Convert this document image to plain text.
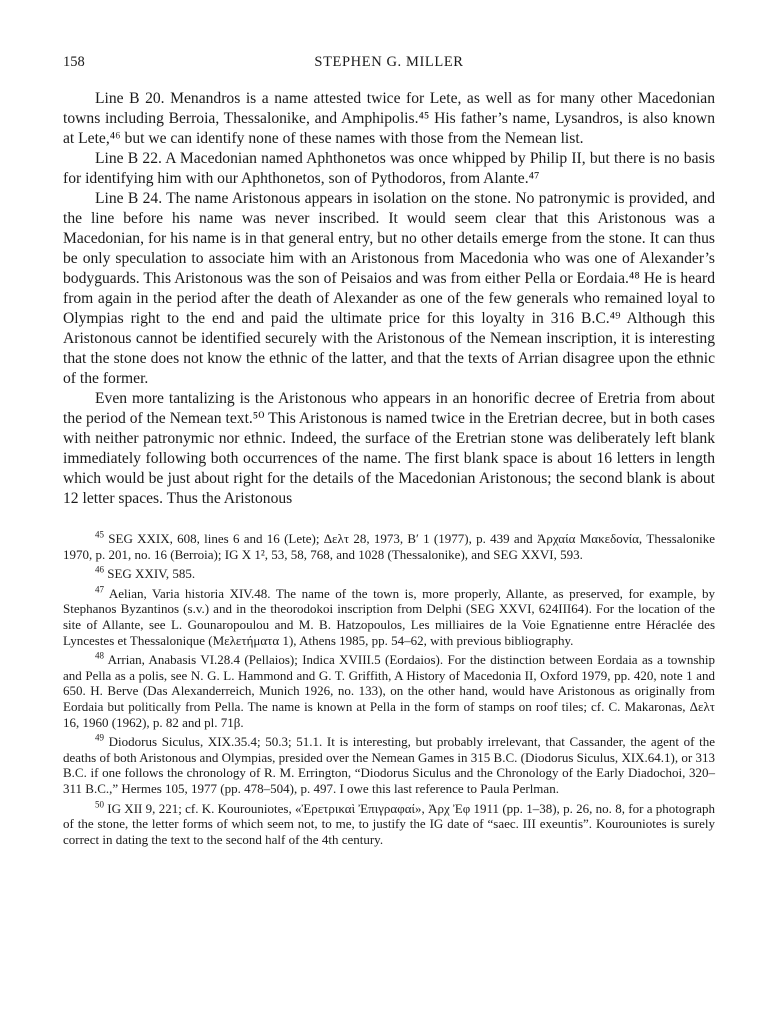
158	STEPHEN G. MILLER

Line B 20. Menandros is a name attested twice for Lete, as well as for many other Macedonian towns including Berroia, Thessalonike, and Amphipolis.⁴⁵ His father’s name, Lysandros, is also known at Lete,⁴⁶ but we can identify none of these names with those from the Nemean list.

Line B 22. A Macedonian named Aphthonetos was once whipped by Philip II, but there is no basis for identifying him with our Aphthonetos, son of Pythodoros, from Alante.⁴⁷

Line B 24. The name Aristonous appears in isolation on the stone. No patronymic is provided, and the line before his name was never inscribed. It would seem clear that this Aristonous was a Macedonian, for his name is in that general entry, but no other details emerge from the stone. It can thus be only speculation to associate him with an Aristonous from Macedonia who was one of Alexander’s bodyguards. This Aristonous was the son of Peisaios and was from either Pella or Eordaia.⁴⁸ He is heard from again in the period after the death of Alexander as one of the few generals who remained loyal to Olympias right to the end and paid the ultimate price for this loyalty in 316 B.C.⁴⁹ Although this Aristonous cannot be identified securely with the Aristonous of the Nemean inscription, it is interesting that the stone does not know the ethnic of the latter, and that the texts of Arrian disagree upon the ethnic of the former.

Even more tantalizing is the Aristonous who appears in an honorific decree of Eretria from about the period of the Nemean text.⁵⁰ This Aristonous is named twice in the Eretrian decree, but in both cases with neither patronymic nor ethnic. Indeed, the surface of the Eretrian stone was deliberately left blank immediately following both occurrences of the name. The first blank space is about 16 letters in length which would be just about right for the details of the Macedonian Aristonous; the second blank is about 12 letter spaces. Thus the Aristonous

$^{45}$ SEG XXIX, 608, lines 6 and 16 (Lete); Δελτ 28, 1973, B′ 1 (1977), p. 439 and Ἀρχαία Μακεδονία, Thessalonike 1970, p. 201, no. 16 (Berroia); IG X 1², 53, 58, 768, and 1028 (Thessalonike), and SEG XXVI, 593.

$^{46}$ SEG XXIV, 585.

$^{47}$ Aelian, Varia historia XIV.48. The name of the town is, more properly, Allante, as preserved, for example, by Stephanos Byzantinos (s.v.) and in the theorodokoi inscription from Delphi (SEG XXVI, 624III64). For the location of the site of Allante, see L. Gounaropoulou and M. B. Hatzopoulos, Les milliaires de la Voie Egnatienne entre Héraclée des Lyncestes et Thessalonique (Μελετήματα 1), Athens 1985, pp. 54–62, with previous bibliography.

$^{48}$ Arrian, Anabasis VI.28.4 (Pellaios); Indica XVIII.5 (Eordaios). For the distinction between Eordaia as a township and Pella as a polis, see N. G. L. Hammond and G. T. Griffith, A History of Macedonia II, Oxford 1979, pp. 420, note 1 and 650. H. Berve (Das Alexanderreich, Munich 1926, no. 133), on the other hand, would have Aristonous as originally from Eordaia but politically from Pella. The name is known at Pella in the form of stamps on roof tiles; cf. C. Makaronas, Δελτ 16, 1960 (1962), p. 82 and pl. 71β.

$^{49}$ Diodorus Siculus, XIX.35.4; 50.3; 51.1. It is interesting, but probably irrelevant, that Cassander, the agent of the deaths of both Aristonous and Olympias, presided over the Nemean Games in 315 B.C. (Diodorus Siculus, XIX.64.1), or 313 B.C. if one follows the chronology of R. M. Errington, “Diodorus Siculus and the Chronology of the Early Diadochoi, 320–311 B.C.,” Hermes 105, 1977 (pp. 478–504), p. 497. I owe this last reference to Paula Perlman.

$^{50}$ IG XII 9, 221; cf. K. Kourouniotes, «Ἐρετρικαὶ Ἐπιγραφαί», Ἀρχ Ἐφ 1911 (pp. 1–38), p. 26, no. 8, for a photograph of the stone, the letter forms of which seem not, to me, to justify the IG date of “saec. III exeuntis”. Kourouniotes is surely correct in dating the text to the second half of the 4th century.
